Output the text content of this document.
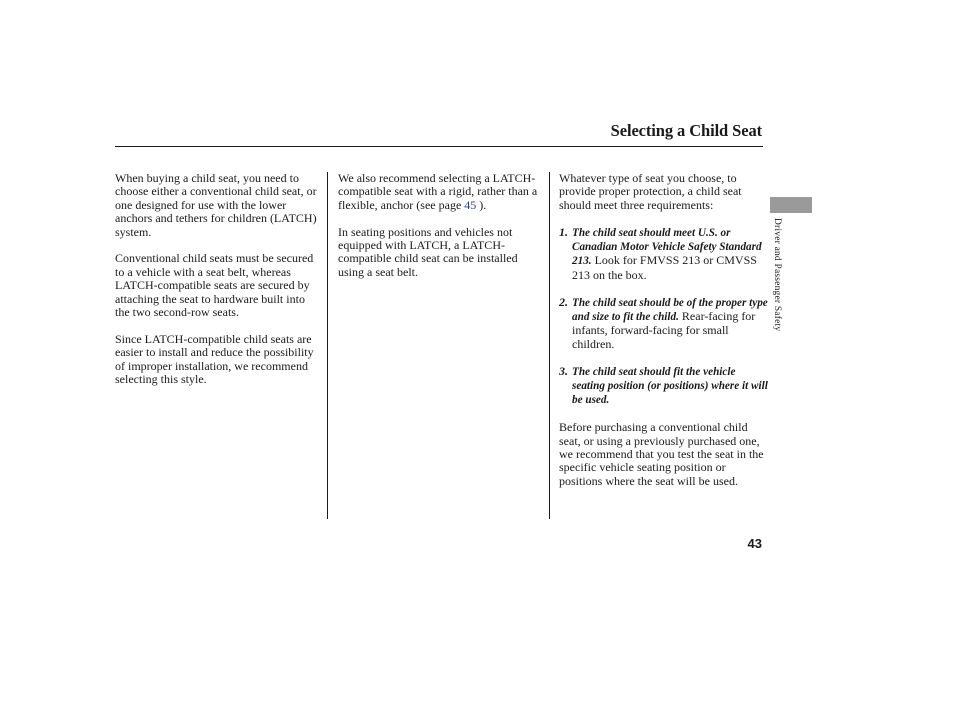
Selecting a Child Seat

When buying a child seat, you need to choose either a conventional child seat, or one designed for use with the lower anchors and tethers for children (LATCH) system.

Conventional child seats must be secured to a vehicle with a seat belt, whereas LATCH-compatible seats are secured by attaching the seat to hardware built into the two second-row seats.

Since LATCH-compatible child seats are easier to install and reduce the possibility of improper installation, we recommend selecting this style.

We also recommend selecting a LATCH-compatible seat with a rigid, rather than a flexible, anchor (see page 45 ).

In seating positions and vehicles not equipped with LATCH, a LATCH-compatible child seat can be installed using a seat belt.

Whatever type of seat you choose, to provide proper protection, a child seat should meet three requirements:

1. The child seat should meet U.S. or Canadian Motor Vehicle Safety Standard 213. Look for FMVSS 213 or CMVSS 213 on the box.
2. The child seat should be of the proper type and size to fit the child. Rear-facing for infants, forward-facing for small children.
3. The child seat should fit the vehicle seating position (or positions) where it will be used.

Before purchasing a conventional child seat, or using a previously purchased one, we recommend that you test the seat in the specific vehicle seating position or positions where the seat will be used.

Driver and Passenger Safety
43
